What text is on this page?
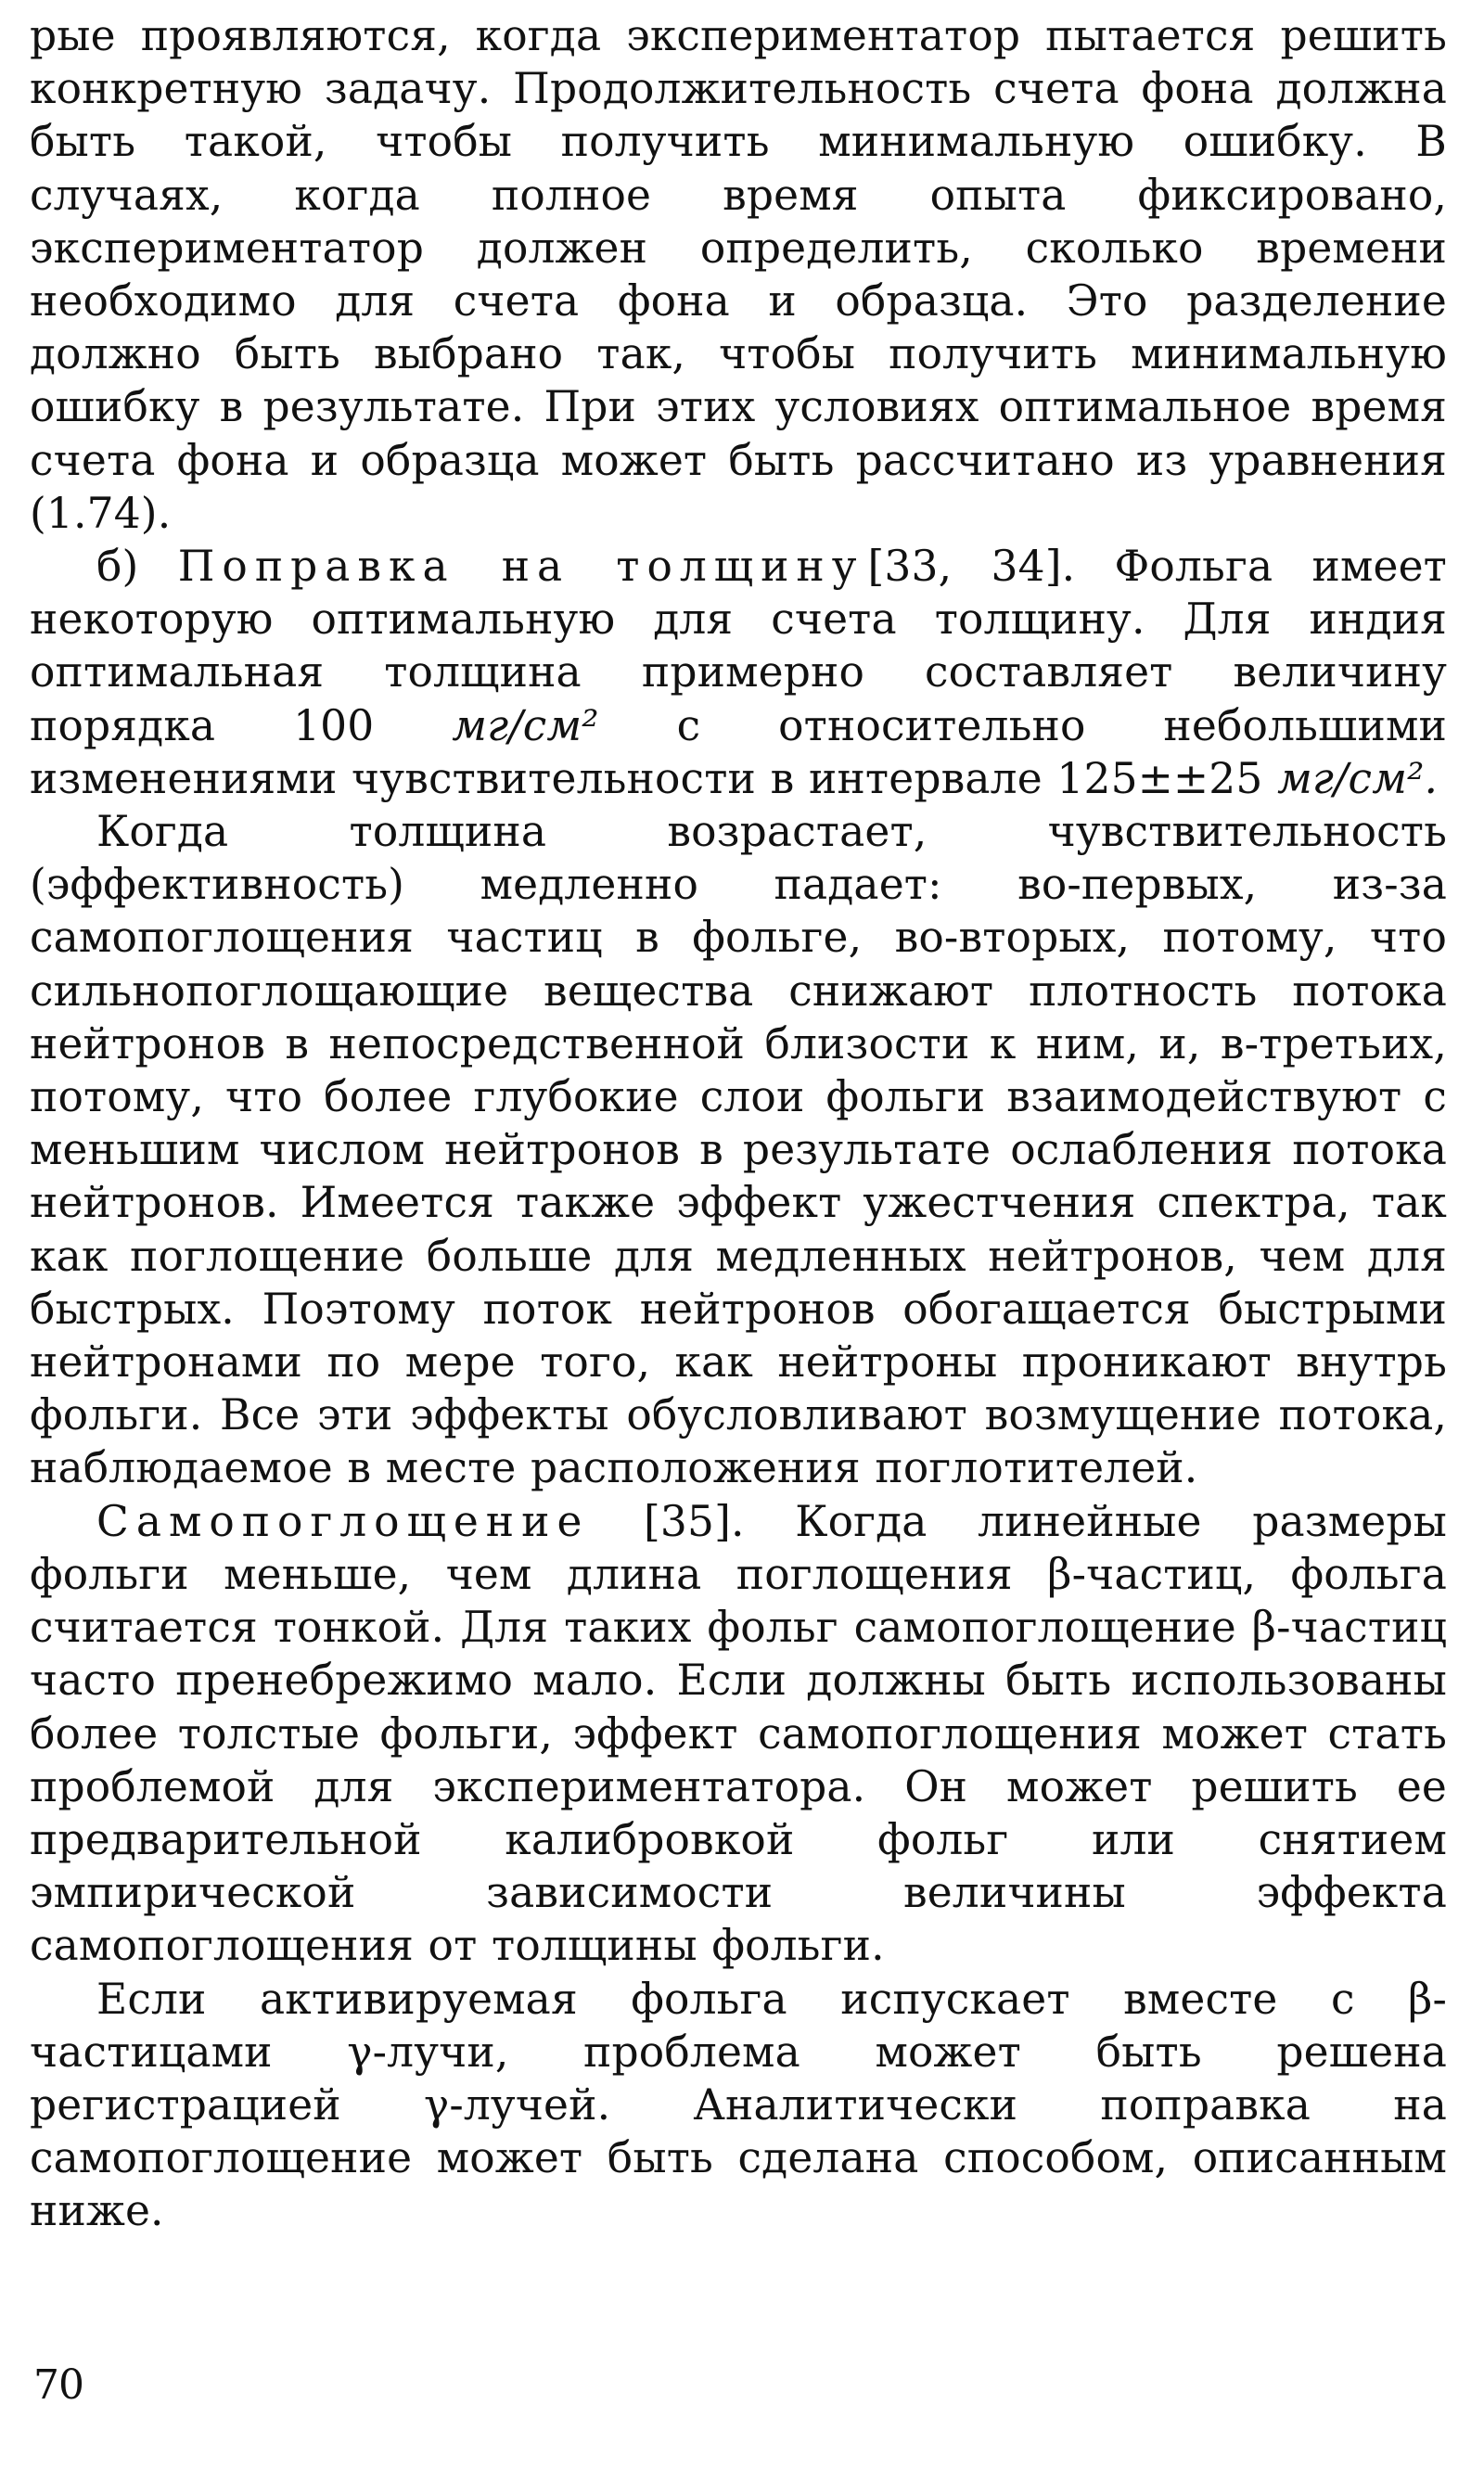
рые проявляются, когда экспериментатор пытается решить конкретную задачу. Продолжительность счета фона должна быть такой, чтобы получить минимальную ошибку. В случаях, когда полное время опыта фиксировано, экспериментатор должен определить, сколько времени необходимо для счета фона и образца. Это разделение должно быть выбрано так, чтобы получить минимальную ошибку в результате. При этих условиях оптимальное время счета фона и образца может быть рассчитано из уравнения (1.74).

б) Поправка на толщину[33, 34]. Фольга имеет некоторую оптимальную для счета толщину. Для индия оптимальная толщина примерно составляет величину порядка 100 мг/см² с относительно небольшими изменениями чувствительности в интервале 125±±25 мг/см².

Когда толщина возрастает, чувствительность (эффективность) медленно падает: во-первых, из-за самопоглощения частиц в фольге, во-вторых, потому, что сильнопоглощающие вещества снижают плотность потока нейтронов в непосредственной близости к ним, и, в-третьих, потому, что более глубокие слои фольги взаимодействуют с меньшим числом нейтронов в результате ослабления потока нейтронов. Имеется также эффект ужестчения спектра, так как поглощение больше для медленных нейтронов, чем для быстрых. Поэтому поток нейтронов обогащается быстрыми нейтронами по мере того, как нейтроны проникают внутрь фольги. Все эти эффекты обусловливают возмущение потока, наблюдаемое в месте расположения поглотителей.

Самопоглощение [35]. Когда линейные размеры фольги меньше, чем длина поглощения β-частиц, фольга считается тонкой. Для таких фольг самопоглощение β-частиц часто пренебрежимо мало. Если должны быть использованы более толстые фольги, эффект самопоглощения может стать проблемой для экспериментатора. Он может решить ее предварительной калибровкой фольг или снятием эмпирической зависимости величины эффекта самопоглощения от толщины фольги.

Если активируемая фольга испускает вместе с β-частицами γ-лучи, проблема может быть решена регистрацией γ-лучей. Аналитически поправка на самопоглощение может быть сделана способом, описанным ниже.

70
